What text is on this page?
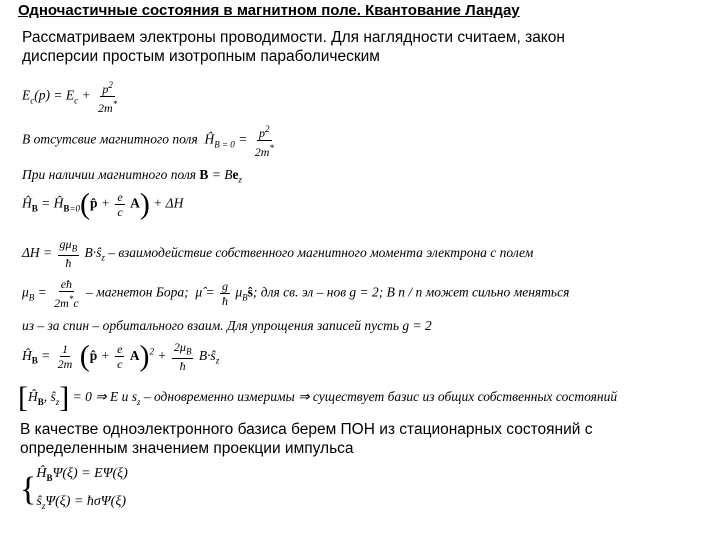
Одночастичные состояния в магнитном поле. Квантование Ландау
Рассматриваем электроны проводимости. Для наглядности считаем, закон
дисперсии простым изотропным параболическим
$E_c(p) = E_c + \frac{p^2}{2m^*}$
В отсутсвие магнитного поля  $Ĥ_{B = 0} = \frac{p^2}{2m^*}$
При наличии магнитного поля $B = Be_z$
$Ĥ_B$ = $Ĥ_{B=0}(p̂ + \frac{e}{c} A) + \Delta H$
$\Delta H = \frac{g\mu_B}{ħ}$ $B\cdot ŝ_z$ – взаимодействие собственного магнитного момента электрона с полем
$\mu_B = \frac{eħ}{2m^*c}$ – магнетон Бора;  μ̂ = $\frac{g}{ħ}$ $\mu_Bŝ$; для св. эл – нов g = 2; B п / п может сильно меняться
из – за спин – орбитального взаим. Для упрощения записей пусть g = 2
$Ĥ_B = \frac{1}{2m}$ (p̂ + $\frac{e}{c} A)^2 + \frac{2\mu_B}{ħ}$ $B\cdot ŝ_z$
[$Ĥ_B$, $ŝ_z] = 0$ ⇒ E и $s_z$ – одновременно измеримы ⇒ существует базис из общих собственных состояний
В качестве одноэлектронного базиса берем ПОН из стационарных состояний с
определенным значением проекции импульса
{ $Ĥ_B\Psi(\xi) = E\Psi(\xi)$
$ŝ_z\Psi(\xi)$ = ħσΨ(ξ)
